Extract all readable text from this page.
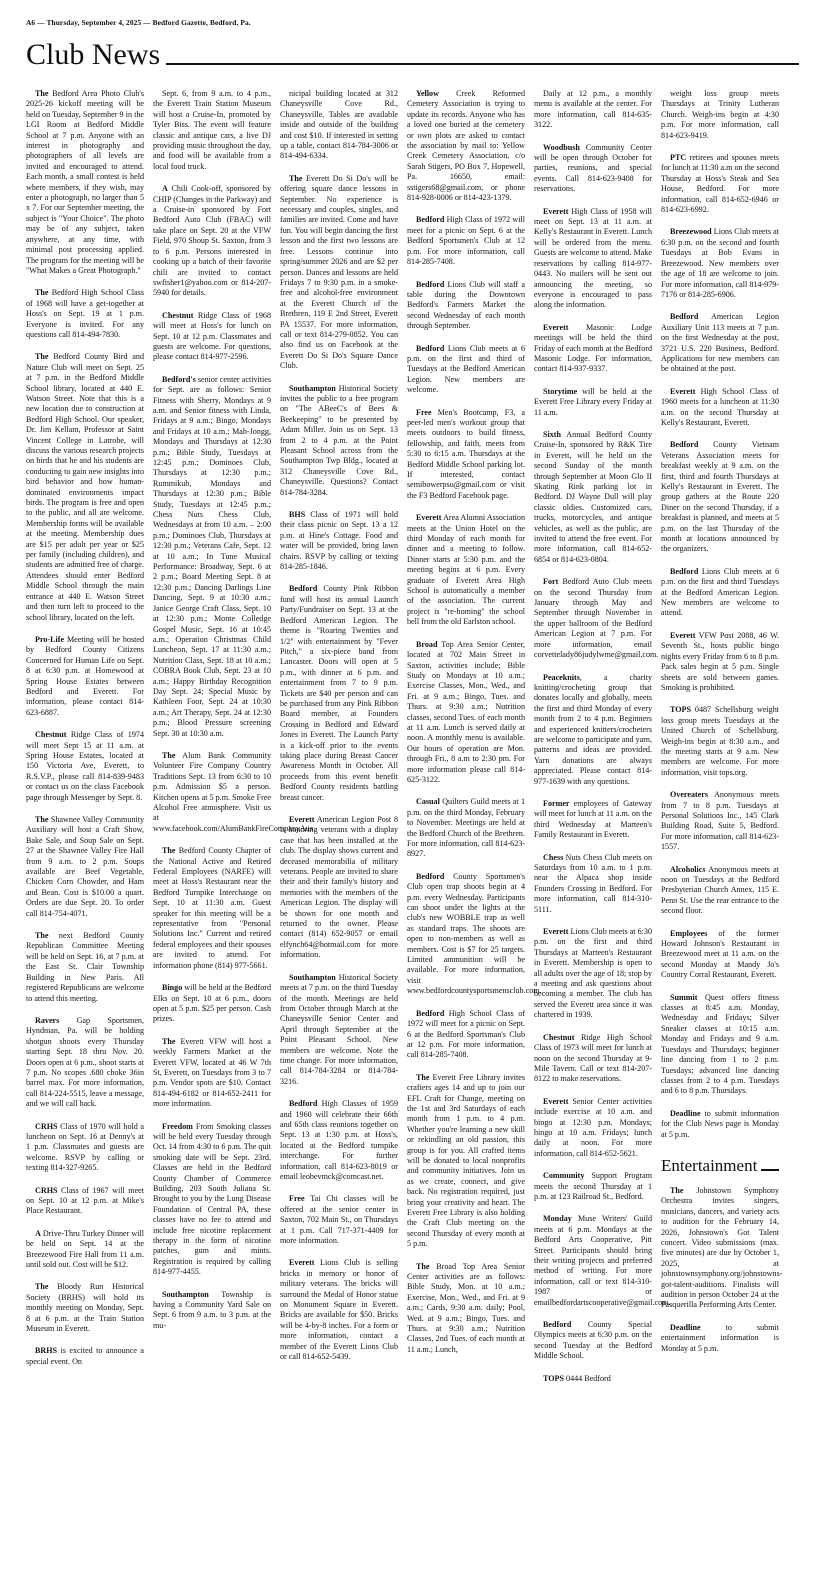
A6 — Thursday, September 4, 2025 — Bedford Gazette, Bedford, Pa.
Club News

The Bedford Area Photo Club's 2025-26 kickoff meeting will be held on Tuesday, September 9 in the LGI Room at Bedford Middle School at 7 p.m. Anyone with an interest in photography and photographers of all levels are invited and encouraged to attend. Each month, a small contest is held where members, if they wish, may enter a photograph, no larger than 5 x 7. For our September meeting, the subject is "Your Choice". The photo may be of any subject, taken anywhere, at any time, with minimal post processing applied. The program for the meeting will be "What Makes a Great Photograph."

The Bedford High School Class of 1968 will have a get-together at Hoss's on Sept. 19 at 1 p.m. Everyone is invited. For any questions call 814-494-7830.

The Bedford County Bird and Nature Club will meet on Sept. 25 at 7 p.m. in the Bedford Middle School library, located at 440 E. Watson Street. Note that this is a new location due to construction at Bedford High School. Our speaker, Dr. Jim Kellam, Professor at Saint Vincent College in Latrobe, will discuss the various research projects on birds that he and his students are conducting to gain new insights into bird behavior and how human-dominated environments impact birds. The program is free and open to the public, and all are welcome. Membership forms will be available at the meeting. Membership dues are $15 per adult per year or $25 per family (including children), and students are admitted free of charge. Attendees should enter Bedford Middle School through the main entrance at 440 E. Watson Street and then turn left to proceed to the school library, located on the left.

Pro-Life Meeting will be hosted by Bedford County Citizens Concerned for Human Life on Sept. 8 at 6:30 p.m. at Homewood at Spring House Estates between Bedford and Everett. For information, please contact 814-623-6887.

Chestnut Ridge Class of 1974 will meet Sept 15 at 11 a.m. at Spring House Estates, located at 150 Victoria Ave, Everett, to R.S.V.P., please call 814-839-9483 or contact us on the class Facebook page through Messenger by Sept. 8.

The Shawnee Valley Community Auxiliary will host a Craft Show, Bake Sale, and Soup Sale on Sept. 27 at the Shawnee Valley Fire Hall from 9 a.m. to 2 p.m. Soups available are Beef Vegetable, Chicken Corn Chowder, and Ham and Bean. Cost is $10.00 a quart. Orders are due Sept. 20. To order call 814-754-4071.

The next Bedford County Republican Committee Meeting will be held on Sept. 16, at 7 p.m. at the East St. Clair Township Building in New Paris. All registered Republicans are welcome to attend this meeting.

Ravers Gap Sportsmen, Hyndman, Pa. will be holding shotgun shoots every Thursday starting Sept. 18 thru Nov. 20. Doors open at 6 p.m., shoot starts at 7 p.m. No scopes .680 choke 36in barrel max. For more information, call 814-224-5515, leave a message, and we will call back.

CRHS Class of 1970 will hold a luncheon on Sept. 16 at Denny's at 1 p.m. Classmates and guests are welcome. RSVP by calling or texting 814-327-9265.

CRHS Class of 1967 will meet on Sept. 10 at 12 p.m. at Mike's Place Restaurant.

A Drive-Thru Turkey Dinner will be held on Sept. 14 at the Breezewood Fire Hall from 11 a.m. until sold out. Cost will be $12.

The Bloody Run Historical Society (BRHS) will hold its monthly meeting on Monday, Sept. 8 at 6 p.m. at the Train Station Museum in Everett.

BRHS is excited to announce a special event. On

Sept. 6, from 9 a.m. to 4 p.m., the Everett Train Station Museum will host a Cruise-In, promoted by Tyler Biss. The event will feature classic and antique cars, a live DJ providing music throughout the day, and food will be available from a local food truck.

A Chili Cook-off, sponsored by CHIP (Changes in the Parkway) and a Cruise-in sponsored by Fort Bedford Auto Club (FBAC) will take place on Sept. 20 at the VFW Field, 970 Shoup St. Saxton, from 3 to 6 p.m. Persons interested in cooking up a batch of their favorite chili are invited to contact swfisher1@yahoo.com or 814-207-5940 for details.

Chestnut Ridge Class of 1968 will meet at Hoss's for lunch on Sept. 10 at 12 p.m. Classmates and guests are welcome. For questions, please contact 814-977-2596.

Bedford's senior center activities for Sept. are as follows: Senior Fitness with Sherry, Mondays at 9 a.m. and Senior fitness with Linda, Fridays at 9 a.m.; Bingo, Mondays and Fridays at 10 a.m.; Mah-Jongg, Mondays and Thursdays at 12:30 p.m.; Bible Study, Tuesdays at 12:45 p.m.; Dominoes Club, Thursdays at 12:30 p.m.; Rummikub, Mondays and Thursdays at 12:30 p.m.; Bible Study, Tuesdays at 12:45 p.m.; Chess Nuts Chess Club, Wednesdays at from 10 a.m. – 2:00 p.m.; Dominoes Club, Thursdays at 12:30 p.m.; Veterans Cafe, Sept. 12 at 10 a.m.; In Tune Musical Performance: Broadway, Sept. 6 at 2 p.m.; Board Meeting Sept. 8 at 12:30 p.m.; Dancing Darlings Line Dancing, Sept. 9 at 10:30 a.m.; Janice George Craft Class, Sept. 10 at 12:30 p.m.; Monte Colledge Gospel Music, Sept. 16 at 10:45 a.m.; Operation Christmas Child Luncheon, Sept. 17 at 11:30 a.m.; Nutrition Class, Sept. 18 at 10 a.m.; COBRA Book Club, Sept. 23 at 10 a.m.; Happy Birthday Recognition Day Sept. 24; Special Music by Kathleen Foor, Sept. 24 at 10:30 a.m.; Art Therapy, Sept. 24 at 12:30 p.m.; Blood Pressure screening Sept. 30 at 10:30 a.m.

The Alum Bank Community Volunteer Fire Company Country Traditions Sept. 13 from 6:30 to 10 p.m. Admission $5 a person. Kitchen opens at 5 p.m. Smoke Free Alcohol Free atmosphere. Visit us at www.facebook.com/AlumBankFireCompanyAux.

The Bedford County Chapter of the National Active and Retired Federal Employees (NARFE) will meet at Hoss's Restaurant near the Bedford Turnpike Interchange on Sept. 10 at 11:30 a.m. Guest speaker for this meeting will be a representative from "Personal Solutions Inc." Current and retired federal employees and their spouses are invited to attend. For information phone (814) 977-5661.

Bingo will be held at the Bedford Elks on Sept. 10 at 6 p.m., doors open at 5 p.m. $25 per person. Cash prizes.

The Everett VFW will host a weekly Farmers Market at the Everett VFW, located at 46 W 7th St, Everett, on Tuesdays from 3 to 7 p.m. Vendor spots are $10. Contact 814-494-6182 or 814-652-2411 for more information.

Freedom From Smoking classes will be held every Tuesday through Oct. 14 from 4:30 to 6 p.m. The quit smoking date will be Sept. 23rd. Classes are held in the Bedford County Chamber of Commerce Building, 203 South Juliana St. Brought to you by the Lung Disease Foundation of Central PA, these classes have no fee to attend and include free nicotine replacement therapy in the form of nicotine patches, gum and mints. Registration is required by calling 814-977-4455.

Southampton Township is having a Community Yard Sale on Sept. 6 from 9 a.m. to 3 p.m. at the mu-

nicipal building located at 312 Chaneysville Cove Rd., Chaneysville. Tables are available inside and outside of the building and cost $10. If interested in setting up a table, contact 814-784-3006 or 814-494-6334.

The Everett Do Si Do's will be offering square dance lessons in September. No experience is necessary and couples, singles, and families are invited. Come and have fun. You will begin dancing the first lesson and the first two lessons are free. Lessons continue into spring/summer 2026 and are $2 per person. Dances and lessons are held Fridays 7 to 9:30 p.m. in a smoke-free and alcohol-free environment at the Everett Church of the Brethren, 119 E 2nd Street, Everett PA 15537. For more information, call or text 814-279-0852. You can also find us on Facebook at the Everett Do Si Do's Square Dance Club.

Southampton Historical Society invites the public to a free program on "The ABeeC's of Bees & Beekeeping" to be presented by Adam Miller. Join us on Sept. 13 from 2 to 4 p.m. at the Point Pleasant School across from the Southampton Twp Bldg., located at 312 Chaneysville Cove Rd., Chaneysville. Questions? Contact 814-784-3284.

BHS Class of 1971 will hold their class picnic on Sept. 13 a 12 p.m. at Hine's Cottage. Food and water will be provided, bring lawn chairs. RSVP by calling or texting 814-285-1846.

Bedford County Pink Ribbon fund will host its annual Launch Party/Fundraiser on Sept. 13 at the Bedford American Legion. The theme is "Roaring Twenties and 1/2" with entertainment by "Fever Pitch," a six-piece band from Lancaster. Doors will open at 5 p.m., with dinner at 6 p.m. and entertainment from 7 to 9 p.m. Tickets are $40 per person and can be purchased from any Pink Ribbon Board member, at Founders Crossing in Bedford and Edward Jones in Everett. The Launch Party is a kick-off prior to the events taking place during Breast Cancer Awareness Month in October. All proceeds from this event benefit Bedford County residents battling breast cancer.

Everett American Legion Post 8 is honoring veterans with a display case that has been installed at the club. The display shows current and deceased memorabilia of military veterans. People are invited to share their and their family's history and memories with the members of the American Legion. The display will be shown for one month and returned to the owner. Please contact (814) 652-9057 or email elfynch64@hotmail.com for more information.

Southampton Historical Society meets at 7 p.m. on the third Tuesday of the month. Meetings are held from October through March at the Chaneysville Senior Center and April through September at the Point Pleasant School. New members are welcome. Note the time change. For more information, call 814-784-3284 or 814-784-3216.

Bedford High Classes of 1959 and 1960 will celebrate their 66th and 65th class reunions together on Sept. 13 at 1:30 p.m. at Hoss's, located at the Bedford turnpike interchange. For further information, call 814-623-8019 or email leobevmck@comcast.net.

Free Tai Chi classes will be offered at the senior center in Saxton, 702 Main St., on Thursdays at 1 p.m. Call 717-371-4409 for more information.

Everett Lions Club is selling bricks in memory or honor of military veterans. The bricks will surround the Medal of Honor statue on Monument Square in Everett. Bricks are available for $50. Bricks will be 4-by-8 inches. For a form or more information, contact a member of the Everett Lions Club or call 814-652-5439.

Yellow Creek Reformed Cemetery Association is trying to update its records. Anyone who has a loved one buried at the cemetery or own plots are asked to contact the association by mail to: Yellow Creek Cemetery Association, c/o Sarah Stigers, PO Box 7, Hopewell, Pa. 16650, email: sstigers68@gmail.com, or phone 814-928-0006 or 814-423-1379.

Bedford High Class of 1972 will meet for a picnic on Sept. 6 at the Bedford Sportsmen's Club at 12 p.m. For more information, call 814-285-7408.

Bedford Lions Club will staff a table during the Downtown Bedford's Farmers Market the second Wednesday of each month through September.

Bedford Lions Club meets at 6 p.m. on the first and third of Tuesdays at the Bedford American Legion. New members are welcome.

Free Men's Bootcamp, F3, a peer-led men's workout group that meets outdoors to build fitness, fellowship, and faith, meets from 5:30 to 6:15 a.m. Thursdays at the Bedford Middle School parking lot. If interested, contact semibowerpsu@gmail.com or visit the F3 Bedford Facebook page.

Everett Area Alumni Association meets at the Union Hotel on the third Monday of each month for dinner and a meeting to follow. Dinner starts at 5:30 p.m. and the meeting begins at 6 p.m. Every graduate of Everett Area High School is automatically a member of the association. The current project is "re-homing" the school bell from the old Earlston school.

Broad Top Area Senior Center, located at 702 Main Street in Saxton, activities include; Bible Study on Mondays at 10 a.m.; Exercise Classes, Mon., Wed., and Fri. at 9 a.m.; Bingo, Tues. and Thurs. at 9:30 a.m.; Nutrition classes, second Tues. of each month at 11 a.m. Lunch is served daily at noon. A monthly menu is available. Our hours of operation are Mon. through Fri., 8 a.m to 2:30 pm. For more information please call 814-625-3122.

Casual Quilters Guild meets at 1 p.m. on the third Monday, February to November. Meetings are held at the Bedford Church of the Brethren. For more information, call 814-623-8927.

Bedford County Sportsmen's Club open trap shoots begin at 4 p.m. every Wednesday. Participants can shoot under the lights at the club's new WOBBLE trap as well as standard traps. The shoots are open to non-members as well as members. Cost is $7 for 25 targets. Limited ammunition will be available. For more information, visit www.bedfordcountysportsmensclub.com.

Bedford High School Class of 1972 will meet for a picnic on Sept. 6 at the Bedford Sportsman's Club at 12 p.m. For more information, call 814-285-7408.

The Everett Free Library invites crafters ages 14 and up to join our EFL Craft for Change, meeting on the 1st and 3rd Saturdays of each month from 1 p.m. to 4 p.m. Whether you're learning a new skill or rekindling an old passion, this group is for you. All crafted items will be donated to local nonprofits and community initiatives. Join us as we create, connect, and give back. No registration required, just bring your creativity and heart. The Everett Free Library is also holding the Craft Club meeting on the second Thursday of every month at 5 p.m.

The Broad Top Area Senior Center activities are as follows: Bible Study, Mon. at 10 a.m.; Exercise, Mon., Wed., and Fri. at 9 a.m.; Cards, 9:30 a.m. daily; Pool, Wed. at 9 a.m.; Bingo, Tues. and Thurs. at 9:30 a.m.; Nutrition Classes, 2nd Tues. of each month at 11 a.m.; Lunch,

Daily at 12 p.m., a monthly menu is available at the center. For more information, call 814-635-3122.

Woodbush Community Center will be open through October for parties, reunions, and special events. Call 814-623-9408 for reservations.

Everett High Class of 1958 will meet on Sept. 13 at 11 a.m. at Kelly's Restaurant in Everett. Lunch will be ordered from the menu. Guests are welcome to attend. Make reservations by calling 814-977-0443. No mailers will be sent out announcing the meeting, so everyone is encouraged to pass along the information.

Everett Masonic Lodge meetings will be held the third Friday of each month at the Bedford Masonic Lodge. For information, contact 814-937-9337.

Storytime will be held at the Everett Free Library every Friday at 11 a.m.

Sixth Annual Bedford County Cruise-In, sponsored by R&K Tire in Everett, will be held on the second Sunday of the month through September at Moon Glo II Skating Rink parking lot in Bedford. DJ Wayne Dull will play classic oldies. Customized cars, trucks, motorcycles, and antique vehicles, as well as the public, are invited to attend the free event. For more information, call 814-652-6854 or 814-623-0804.

Fort Bedford Auto Club meets on the second Thursday from January through May and September through November in the upper ballroom of the Bedford American Legion at 7 p.m. For more information, email corvettelady86judylwme@gmail.com.

Peaceknits, a charity knitting/crocheting group that donates locally and globally, meets the first and third Monday of every month from 2 to 4 p.m. Beginners and experienced knitters/crocheters are welcome to participate and yarn, patterns and ideas are provided. Yarn donations are always appreciated. Please contact 814-977-1639 with any questions.

Former employees of Gateway will meet for lunch at 11 a.m. on the third Wednesday at Marteen's Family Restaurant in Everett.

Chess Nuts Chess Club meets on Saturdays from 10 a.m. to 1 p.m. near the Alpaca shop inside Founders Crossing in Bedford. For more information, call 814-310-5111.

Everett Lions Club meets at 6:30 p.m. on the first and third Thursdays at Marteen's Restaurant in Everett. Membership is open to all adults over the age of 18; stop by a meeting and ask questions about becoming a member. The club has served the Everett area since it was chartered in 1939.

Chestnut Ridge High School Class of 1973 will meet for lunch at noon on the second Thursday at 9-Mile Tavern. Call or text 814-207-8122 to make reservations.

Everett Senior Center activities include exercise at 10 a.m. and bingo at 12:30 p.m. Mondays; bingo at 10 a.m. Fridays; lunch daily at noon. For more information, call 814-652-5621.

Community Support Program meets the second Thursday at 1 p.m. at 123 Railroad St., Bedford.

Monday Muse Writers' Guild meets at 6 p.m. Mondays at the Bedford Arts Cooperative, Pitt Street. Participants should bring their writing projects and preferred method of writing. For more information, call or text 814-310-1987 or emailbedfordartscooperative@gmail.com.

Bedford County Special Olympics meets at 6:30 p.m. on the second Tuesday at the Bedford Middle School.

TOPS 0444 Bedford

weight loss group meets Thursdays at Trinity Lutheran Church. Weigh-ins begin at 4:30 p.m. For more information, call 814-623-9419.

PTC retirees and spouses meets for lunch at 11:30 a.m on the second Thursday at Hoss's Steak and Sea House, Bedford. For more information, call 814-652-6946 or 814-623-6992.

Breezewood Lions Club meets at 6:30 p.m. on the second and fourth Tuesdays at Bob Evans in Breezewood. New members over the age of 18 are welcome to join. For more information, call 814-979-7176 or 814-285-6906.

Bedford American Legion Auxiliary Unit 113 meets at 7 p.m. on the first Wednesday at the post, 3721 U.S. 220 Business, Bedford. Applications for new members can be obtained at the post.

Everett High School Class of 1960 meets for a luncheon at 11:30 a.m. on the second Thursday at Kelly's Restaurant, Everett.

Bedford County Vietnam Veterans Association meets for breakfast weekly at 9 a.m. on the first, third and fourth Thursdays at Kelly's Restaurant in Everett. The group gathers at the Route 220 Diner on the second Thursday, if a breakfast is planned, and meets at 5 p.m. on the last Thursday of the month at locations announced by the organizers.

Bedford Lions Club meets at 6 p.m. on the first and third Tuesdays at the Bedford American Legion. New members are welcome to attend.

Everett VFW Post 2088, 46 W. Seventh St., hosts public bingo nights every Friday from 6 to 8 p.m. Pack sales begin at 5 p.m. Single sheets are sold between games. Smoking is prohibited.

TOPS 0487 Schellsburg weight loss group meets Tuesdays at the United Church of Schellsburg. Weigh-ins begin at 8:30 a.m., and the meeting starts at 9 a.m. New members are welcome. For more information, visit tops.org.

Overeaters Anonymous meets from 7 to 8 p.m. Tuesdays at Personal Solutions Inc., 145 Clark Building Road, Suite 5, Bedford. For more information, call 814-623-1557.

Alcoholics Anonymous meets at noon on Tuesdays at the Bedford Presbyterian Church Annex, 115 E. Penn St. Use the rear entrance to the second floor.

Employees of the former Howard Johnson's Restaurant in Breezewood meet at 11 a.m. on the second Monday at Mandy Jo's Country Corral Restaurant, Everett.

Summit Quest offers fitness classes at 8:45 a.m. Monday, Wednesday and Fridays; Silver Sneaker classes at 10:15 a.m. Monday and Fridays and 9 a.m. Tuesdays and Thursdays; beginner line dancing from 1 to 2 p.m. Tuesdays; advanced line dancing classes from 2 to 4 p.m. Tuesdays and 6 to 8 p.m. Thursdays.

Deadline to submit information for the Club News page is Monday at 5 p.m.

Entertainment

The Johnstown Symphony Orchestra invites singers, musicians, dancers, and variety acts to audition for the February 14, 2026, Johnstown's Got Talent concert. Video submissions (max. five minutes) are due by October 1, 2025, at johnstownsymphony.org/johnstowns-got-talent-auditions. Finalists will audition in person October 24 at the Pasquerilla Performing Arts Center.

Deadline to submit entertainment information is Monday at 5 p.m.
